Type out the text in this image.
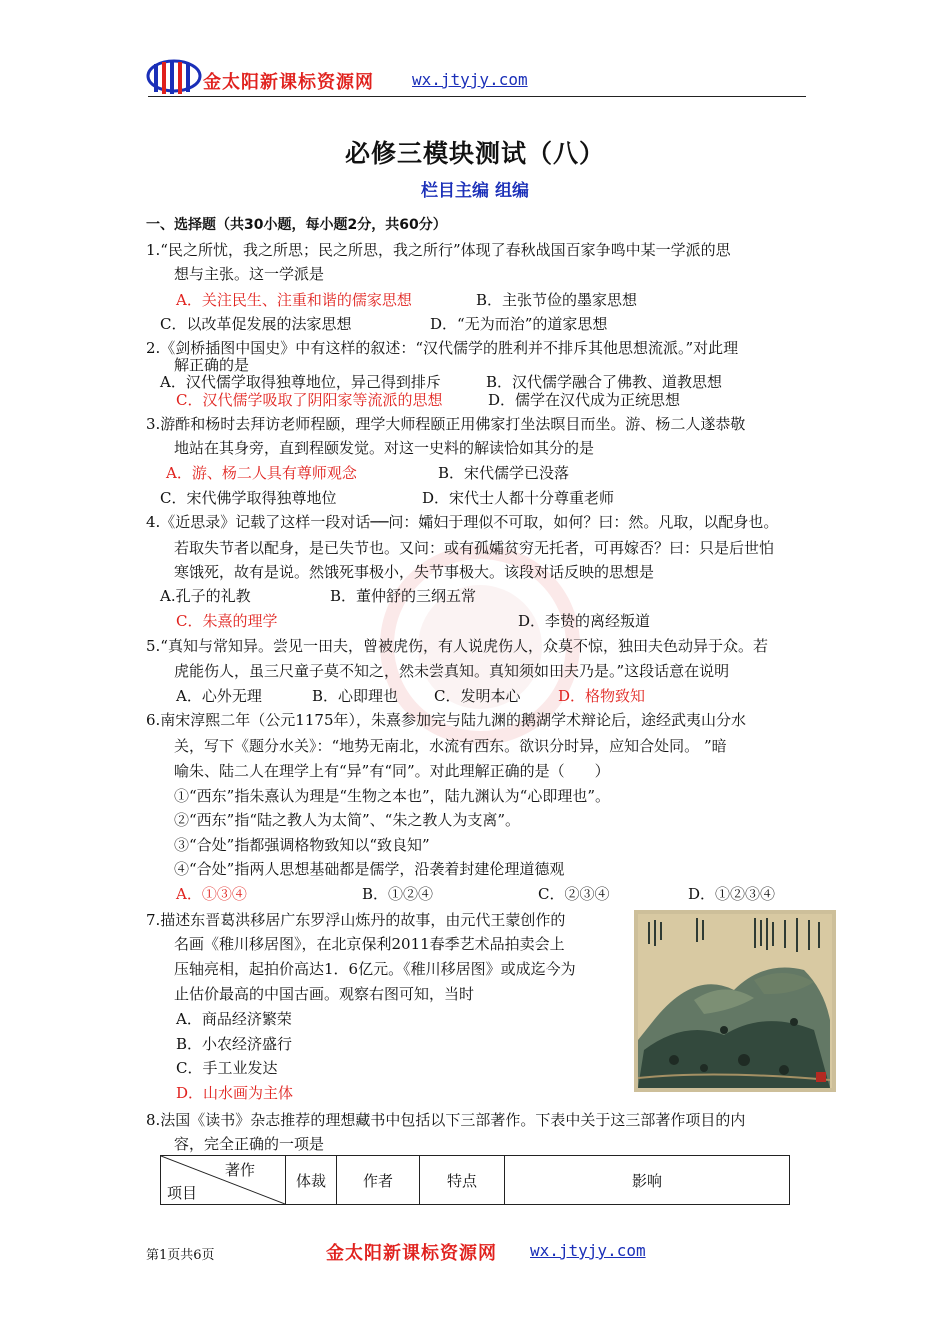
金太阳新课标资源网 wx.jtyjy.com
必修三模块测试（八）
栏目主编 组编
一、选择题（共30小题，每小题2分，共60分）
1.“民之所忧，我之所思；民之所思，我之所行”体现了春秋战国百家争鸣中某一学派的思
想与主张。这一学派是
A．关注民生、注重和谐的儒家思想	B．主张节俭的墨家思想
C．以改革促发展的法家思想	D．“无为而治”的道家思想
2.《剑桥插图中国史》中有这样的叙述：“汉代儒学的胜利并不排斥其他思想流派。”对此理
解正确的是
A．汉代儒学取得独尊地位，异己得到排斥	B．汉代儒学融合了佛教、道教思想
C．汉代儒学吸取了阴阳家等流派的思想	D．儒学在汉代成为正统思想
3.游酢和杨时去拜访老师程颐，理学大师程颐正用佛家打坐法暝目而坐。游、杨二人遂恭敬
地站在其身旁，直到程颐发觉。对这一史料的解读恰如其分的是
A．游、杨二人具有尊师观念	B．宋代儒学已没落
C．宋代佛学取得独尊地位	D．宋代士人都十分尊重老师
4.《近思录》记载了这样一段对话──问：孀妇于理似不可取，如何？曰：然。凡取，以配身也。
若取失节者以配身，是已失节也。又问：或有孤孀贫穷无托者，可再嫁否？曰：只是后世怕
寒饿死，故有是说。然饿死事极小，失节事极大。该段对话反映的思想是
A.孔子的礼教	B．董仲舒的三纲五常
C．朱熹的理学	D．李贽的离经叛道
5.“真知与常知异。尝见一田夫，曾被虎伤，有人说虎伤人，众莫不惊，独田夫色动异于众。若
虎能伤人，虽三尺童子莫不知之，然未尝真知。真知须如田夫乃是。”这段话意在说明
A．心外无理	B．心即理也 C．发明本心	D．格物致知
6.南宋淳熙二年（公元1175年），朱熹参加完与陆九渊的鹅湖学术辩论后，途经武夷山分水
关，写下《题分水关》：“地势无南北，水流有西东。欲识分时异，应知合处同。 ”暗
喻朱、陆二人在理学上有“异”有“同”。对此理解正确的是（　　）
①“西东”指朱熹认为理是“生物之本也”，陆九渊认为“心即理也”。
②“西东”指“陆之教人为太简”、“朱之教人为支离”。
③“合处”指都强调格物致知以“致良知”
④“合处”指两人思想基础都是儒学，沿袭着封建伦理道德观
A．①③④	B．①②④	C．②③④	D．①②③④
7.描述东晋葛洪移居广东罗浮山炼丹的故事，由元代王蒙创作的
名画《稚川移居图》，在北京保利2011春季艺术品拍卖会上
压轴亮相，起拍价高达1．6亿元。《稚川移居图》或成迄今为
止估价最高的中国古画。观察右图可知，当时
A．商品经济繁荣
B．小农经济盛行
C．手工业发达
D．山水画为主体
8.法国《读书》杂志推荐的理想藏书中包括以下三部著作。下表中关于这三部著作项目的内
容，完全正确的一项是
著作
项目
	体裁	作者	特点	影响
第1页共6页	金太阳新课标资源网 wx.jtyjy.com
